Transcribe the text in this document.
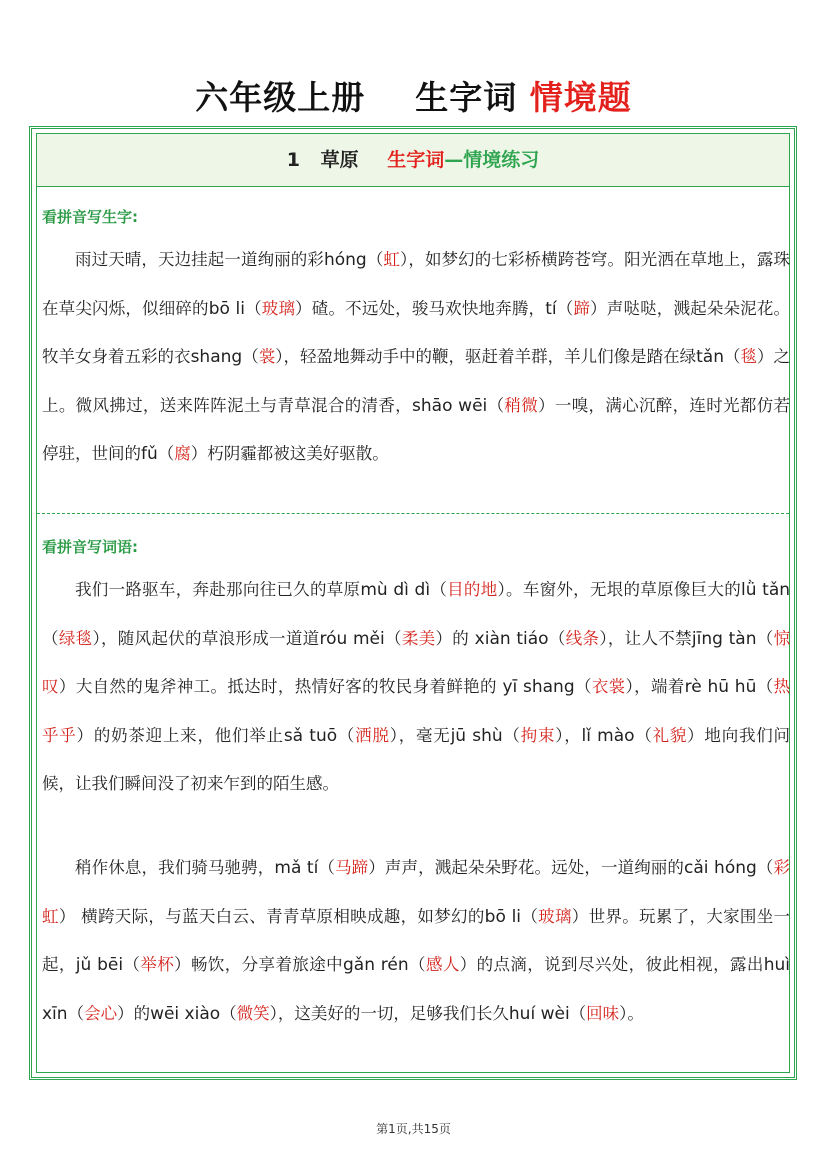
六年级上册 生字词 情境题
1 草原 生字词—情境练习
看拼音写生字:
雨过天晴，天边挂起一道绚丽的彩hóng（虹），如梦幻的七彩桥横跨苍穹。阳光洒在草地上，露珠在草尖闪烁，似细碎的bō li（玻璃）碴。不远处，骏马欢快地奔腾，tí（蹄）声哒哒，溅起朵朵泥花。牧羊女身着五彩的衣shang（裳），轻盈地舞动手中的鞭，驱赶着羊群，羊儿们像是踏在绿tǎn（毯）之上。微风拂过，送来阵阵泥土与青草混合的清香，shāo wēi（稍微）一嗅，满心沉醉，连时光都仿若停驻，世间的fǔ（腐）朽阴霾都被这美好驱散。
看拼音写词语:
我们一路驱车，奔赴那向往已久的草原mù dì dì（目的地）。车窗外，无垠的草原像巨大的lǜ tǎn（绿毯），随风起伏的草浪形成一道道róu měi（柔美）的 xiàn tiáo（线条），让人不禁jīng tàn（惊叹）大自然的鬼斧神工。抵达时，热情好客的牧民身着鲜艳的 yī shang（衣裳），端着rè hū hū（热乎乎）的奶茶迎上来，他们举止sǎ tuō（洒脱），毫无jū shù（拘束），lǐ mào（礼貌）地向我们问候，让我们瞬间没了初来乍到的陌生感。
稍作休息，我们骑马驰骋，mǎ tí（马蹄）声声，溅起朵朵野花。远处，一道绚丽的cǎi hóng（彩虹） 横跨天际，与蓝天白云、青青草原相映成趣，如梦幻的bō li（玻璃）世界。玩累了，大家围坐一起，jǔ bēi（举杯）畅饮，分享着旅途中gǎn rén（感人）的点滴，说到尽兴处，彼此相视，露出huì xīn（会心）的wēi xiào（微笑），这美好的一切，足够我们长久huí wèi（回味）。
第1页,共15页
